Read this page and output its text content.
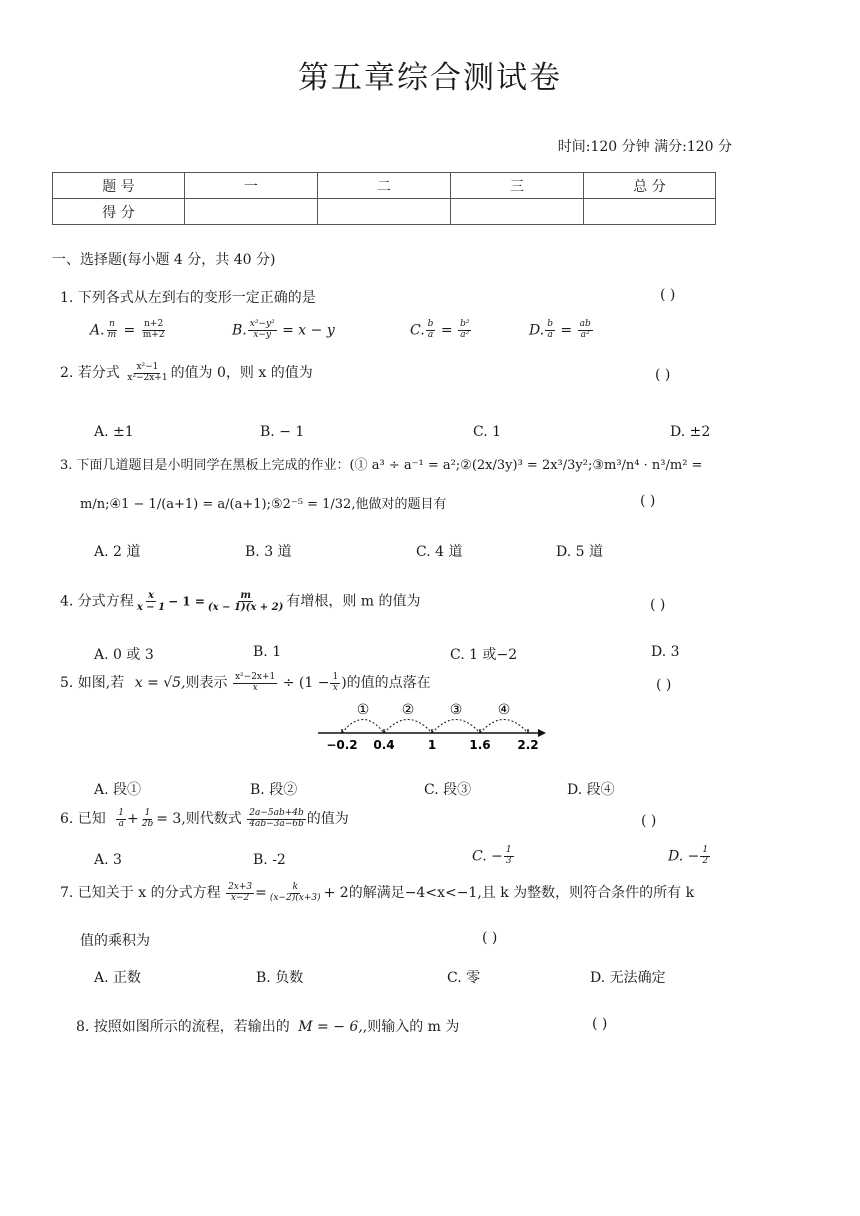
第五章综合测试卷
时间:120 分钟 满分:120 分
题 号	一	二	三	总 分
得 分				
一、选择题(每小题 4 分，共 40 分)
1. 下列各式从左到右的变形一定正确的是	( )
A. $\frac{n}{m} = \frac{n+2}{m+2}$	B. $\frac{\text{x²−y²}}{x-y} = x - y$	C. $\frac{b}{a} = \frac{\text{b²}}{\text{a²}}$	D. $\frac{b}{a} = \frac{ab}{\text{a²}}$
2. 若分式 $\frac{\text{x²−1}}{\text{x²−2x+1}}$ 的值为 0，则 x 的值为	( )
A. ±1	B. − 1	C. 1	D. ±2
3. 下面几道题目是小明同学在黑板上完成的作业：(① a³ ÷ a⁻¹ = a²;②(2x/3y)³ = 2x³/3y²;③m³/n⁴ · n³/m² =
m/n;④1 − 1/(a+1) = a/(a+1);⑤2⁻⁵ = 1/32,他做对的题目有	( )
A. 2 道	B. 3 道	C. 4 道	D. 5 道
4. 分式方程 $\frac{x}{x - 1} - 1 = \frac{m}{(x - 1)(x + 2)}$ 有增根，则 m 的值为	( )
A. 0 或 3	B. 1	C. 1 或−2	D. 3
5. 如图,若 x = √5,则表示 $\frac{\text{x²−2x+1}}{x} \div (1 - \frac{1}{x}$ )的值的点落在	( )
① ②	③	④
−0.2 0.4	1	1.6 2.2
A. 段①	B. 段②	C. 段③	D. 段④
6. 已知 $\frac{1}{a} + \frac{1}{2b} = 3$,则代数式 $\frac{2a-5ab+4b}{4ab-3a-6b}$ 的值为	( )
A. 3	B. -2	C. − $\frac{1}{3}$	D. − $\frac{1}{2}$
7. 已知关于 x 的分式方程 $\frac{2x+3}{x-2} = \frac{k}{(x-2)(x+3)} + 2$的解满足−4<x<−1,且 k 为整数，则符合条件的所有 k
值的乘积为	( )
A. 正数	B. 负数	C. 零	D. 无法确定
8. 按照如图所示的流程，若输出的 M = − 6,,则输入的 m 为	( )
